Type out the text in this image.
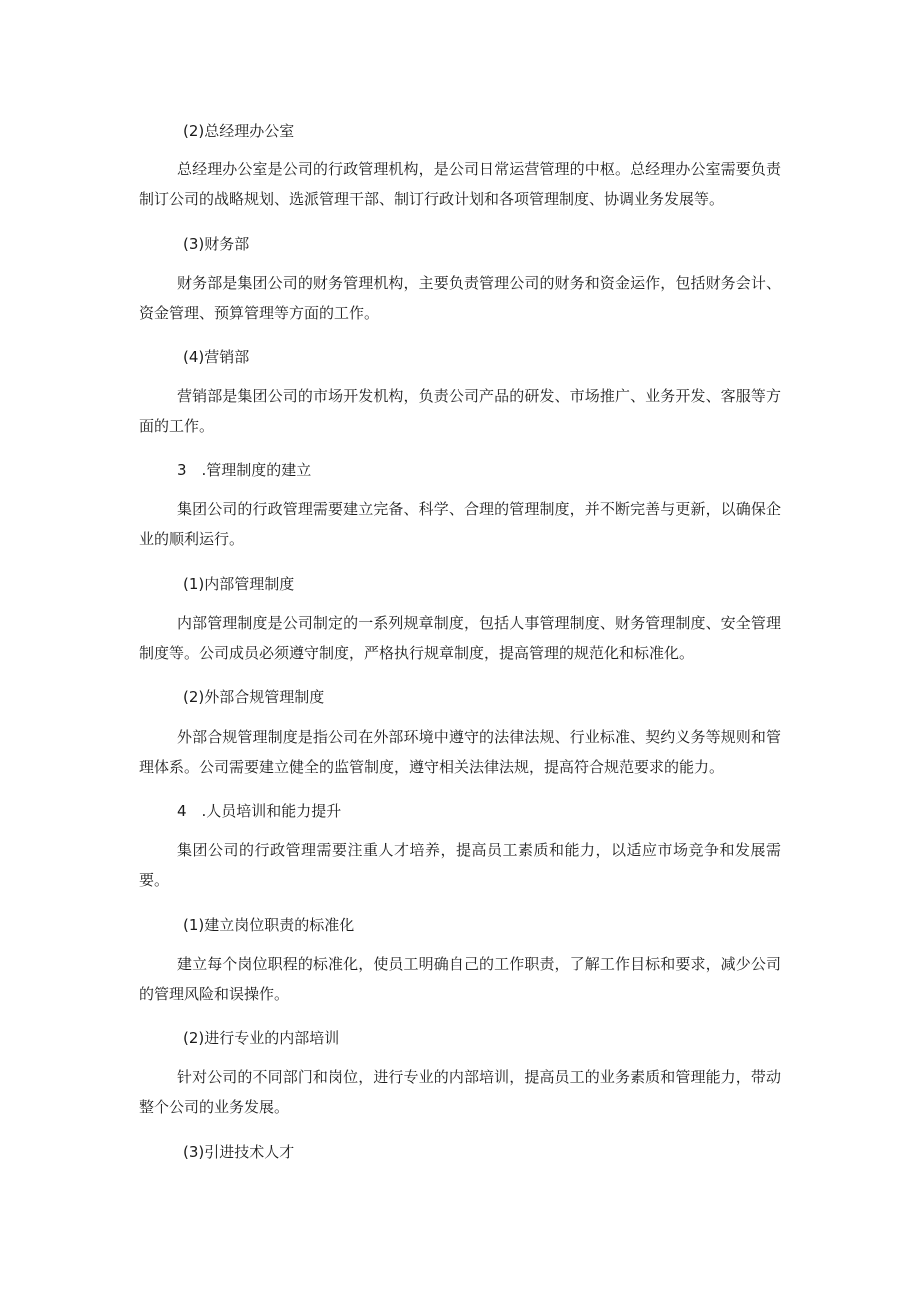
(2)总经理办公室

总经理办公室是公司的行政管理机构，是公司日常运营管理的中枢。总经理办公室需要负责制订公司的战略规划、选派管理干部、制订行政计划和各项管理制度、协调业务发展等。

(3)财务部

财务部是集团公司的财务管理机构，主要负责管理公司的财务和资金运作，包括财务会计、资金管理、预算管理等方面的工作。

(4)营销部

营销部是集团公司的市场开发机构，负责公司产品的研发、市场推广、业务开发、客服等方面的工作。

3　.管理制度的建立

集团公司的行政管理需要建立完备、科学、合理的管理制度，并不断完善与更新，以确保企业的顺利运行。

(1)内部管理制度

内部管理制度是公司制定的一系列规章制度，包括人事管理制度、财务管理制度、安全管理制度等。公司成员必须遵守制度，严格执行规章制度，提高管理的规范化和标准化。

(2)外部合规管理制度

外部合规管理制度是指公司在外部环境中遵守的法律法规、行业标准、契约义务等规则和管理体系。公司需要建立健全的监管制度，遵守相关法律法规，提高符合规范要求的能力。

4　.人员培训和能力提升

集团公司的行政管理需要注重人才培养，提高员工素质和能力，以适应市场竞争和发展需要。

(1)建立岗位职责的标准化

建立每个岗位职程的标准化，使员工明确自己的工作职责，了解工作目标和要求，减少公司的管理风险和误操作。

(2)进行专业的内部培训

针对公司的不同部门和岗位，进行专业的内部培训，提高员工的业务素质和管理能力，带动整个公司的业务发展。

(3)引进技术人才
